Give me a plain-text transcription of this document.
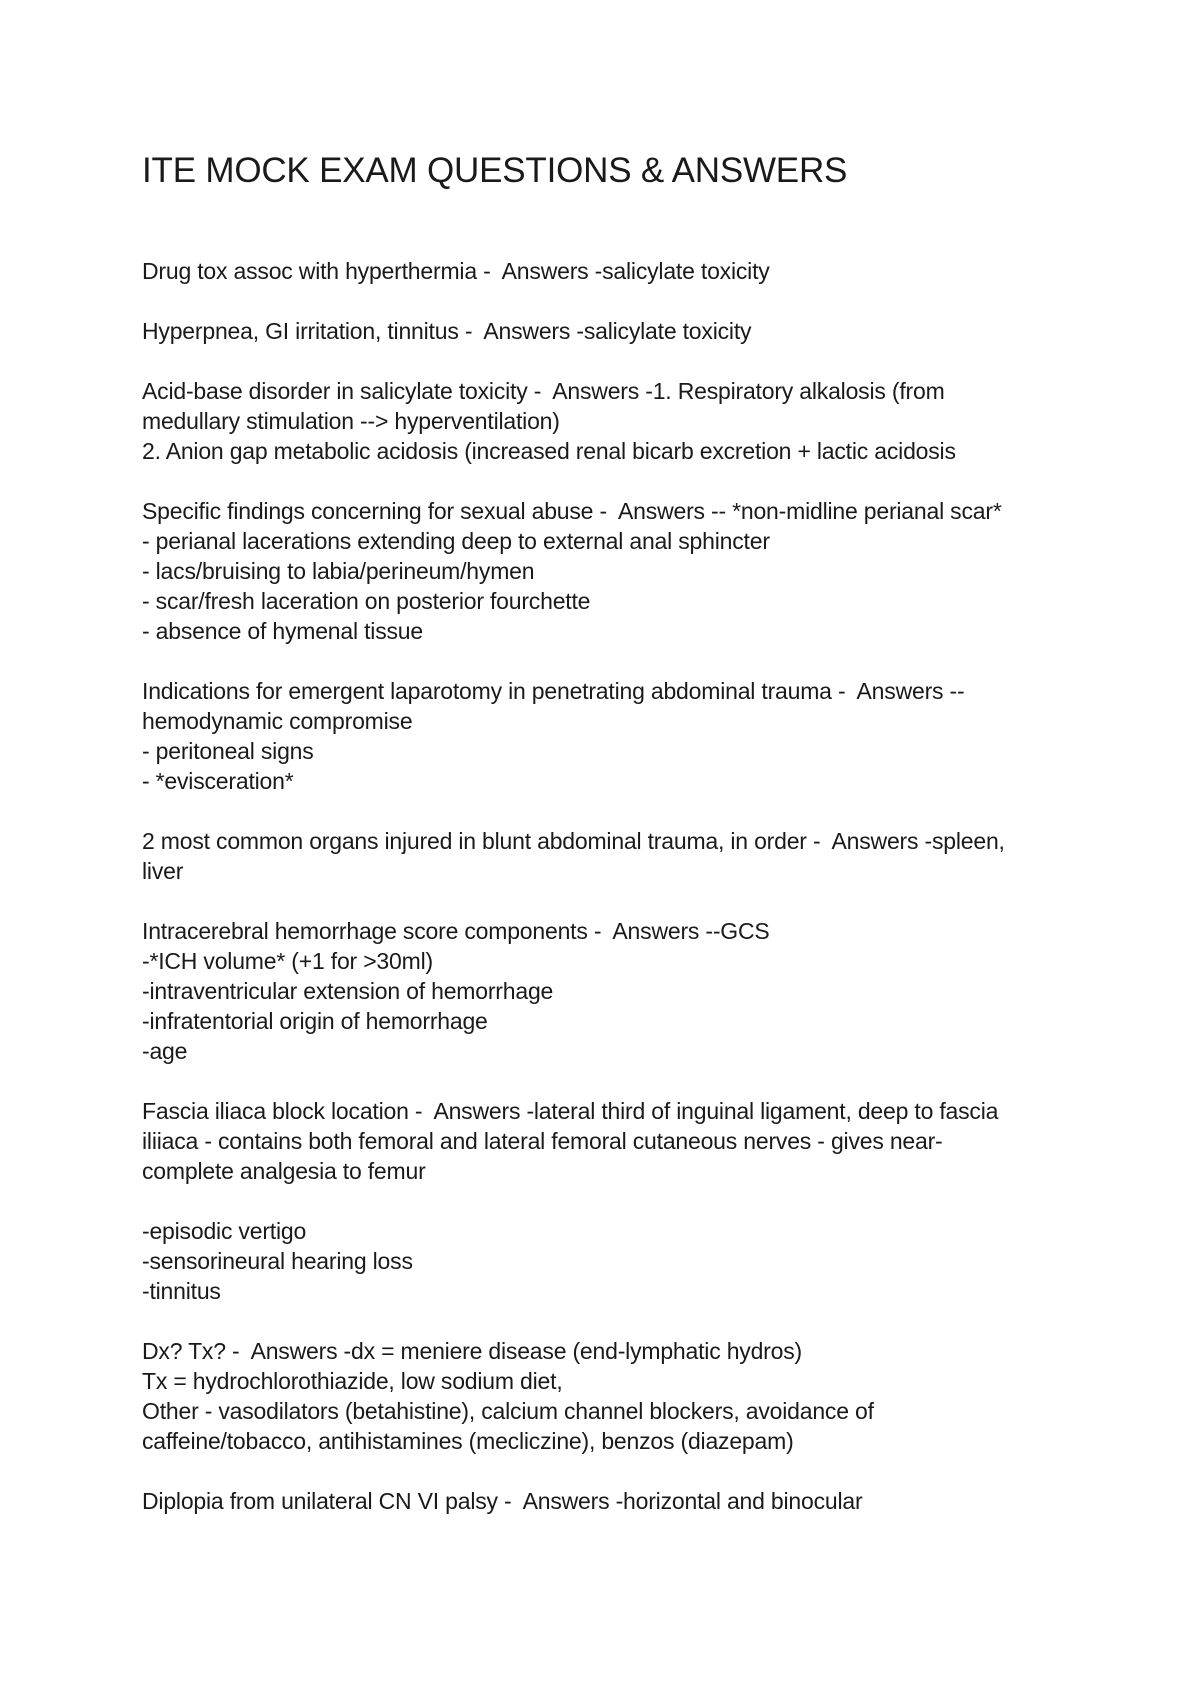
ITE MOCK EXAM QUESTIONS & ANSWERS

Drug tox assoc with hyperthermia -  Answers -salicylate toxicity

Hyperpnea, GI irritation, tinnitus -  Answers -salicylate toxicity

Acid-base disorder in salicylate toxicity -  Answers -1. Respiratory alkalosis (from
medullary stimulation --> hyperventilation)
2. Anion gap metabolic acidosis (increased renal bicarb excretion + lactic acidosis

Specific findings concerning for sexual abuse -  Answers -- *non-midline perianal scar*
- perianal lacerations extending deep to external anal sphincter
- lacs/bruising to labia/perineum/hymen
- scar/fresh laceration on posterior fourchette
- absence of hymenal tissue

Indications for emergent laparotomy in penetrating abdominal trauma -  Answers --
hemodynamic compromise
- peritoneal signs
- *evisceration*

2 most common organs injured in blunt abdominal trauma, in order -  Answers -spleen,
liver

Intracerebral hemorrhage score components -  Answers --GCS
-*ICH volume* (+1 for >30ml)
-intraventricular extension of hemorrhage
-infratentorial origin of hemorrhage
-age

Fascia iliaca block location -  Answers -lateral third of inguinal ligament, deep to fascia
iliiaca - contains both femoral and lateral femoral cutaneous nerves - gives near-
complete analgesia to femur

-episodic vertigo
-sensorineural hearing loss
-tinnitus

Dx? Tx? -  Answers -dx = meniere disease (end-lymphatic hydros)
Tx = hydrochlorothiazide, low sodium diet,
Other - vasodilators (betahistine), calcium channel blockers, avoidance of
caffeine/tobacco, antihistamines (mecliczine), benzos (diazepam)

Diplopia from unilateral CN VI palsy -  Answers -horizontal and binocular
